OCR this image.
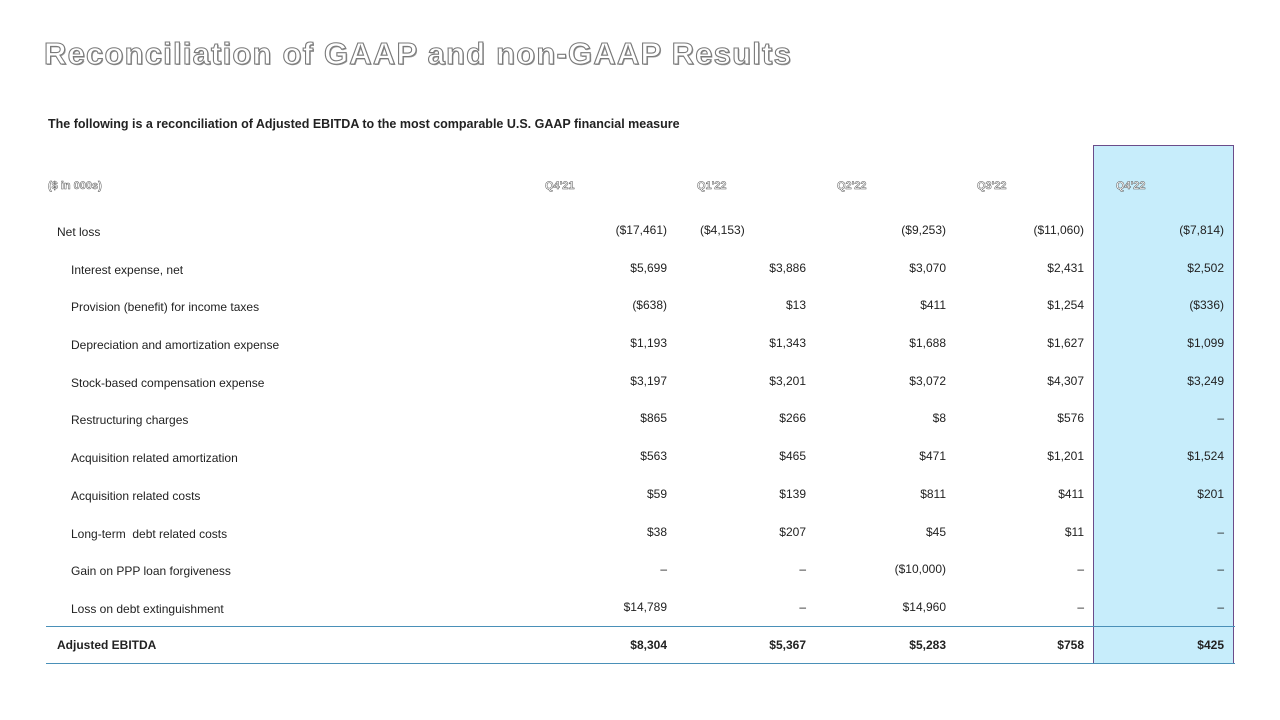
Reconciliation of GAAP and non-GAAP Results
The following is a reconciliation of Adjusted EBITDA to the most comparable U.S. GAAP financial measure
($ in 000s)	Q4'21	Q1'22	Q2'22	Q3'22	Q4'22
Net loss	($17,461)	($4,153)	($9,253)	($11,060)	($7,814)
Interest expense, net	$5,699	$3,886	$3,070	$2,431	$2,502
Provision (benefit) for income taxes	($638)	$13	$411	$1,254	($336)
Depreciation and amortization expense	$1,193	$1,343	$1,688	$1,627	$1,099
Stock-based compensation expense	$3,197	$3,201	$3,072	$4,307	$3,249
Restructuring charges	$865	$266	$8	$576	–
Acquisition related amortization	$563	$465	$471	$1,201	$1,524
Acquisition related costs	$59	$139	$811	$411	$201
Long-term  debt related costs	$38	$207	$45	$11	–
Gain on PPP loan forgiveness	–	–	($10,000)	–	–
Loss on debt extinguishment	$14,789	–	$14,960	–	–
Adjusted EBITDA	$8,304	$5,367	$5,283	$758	$425
